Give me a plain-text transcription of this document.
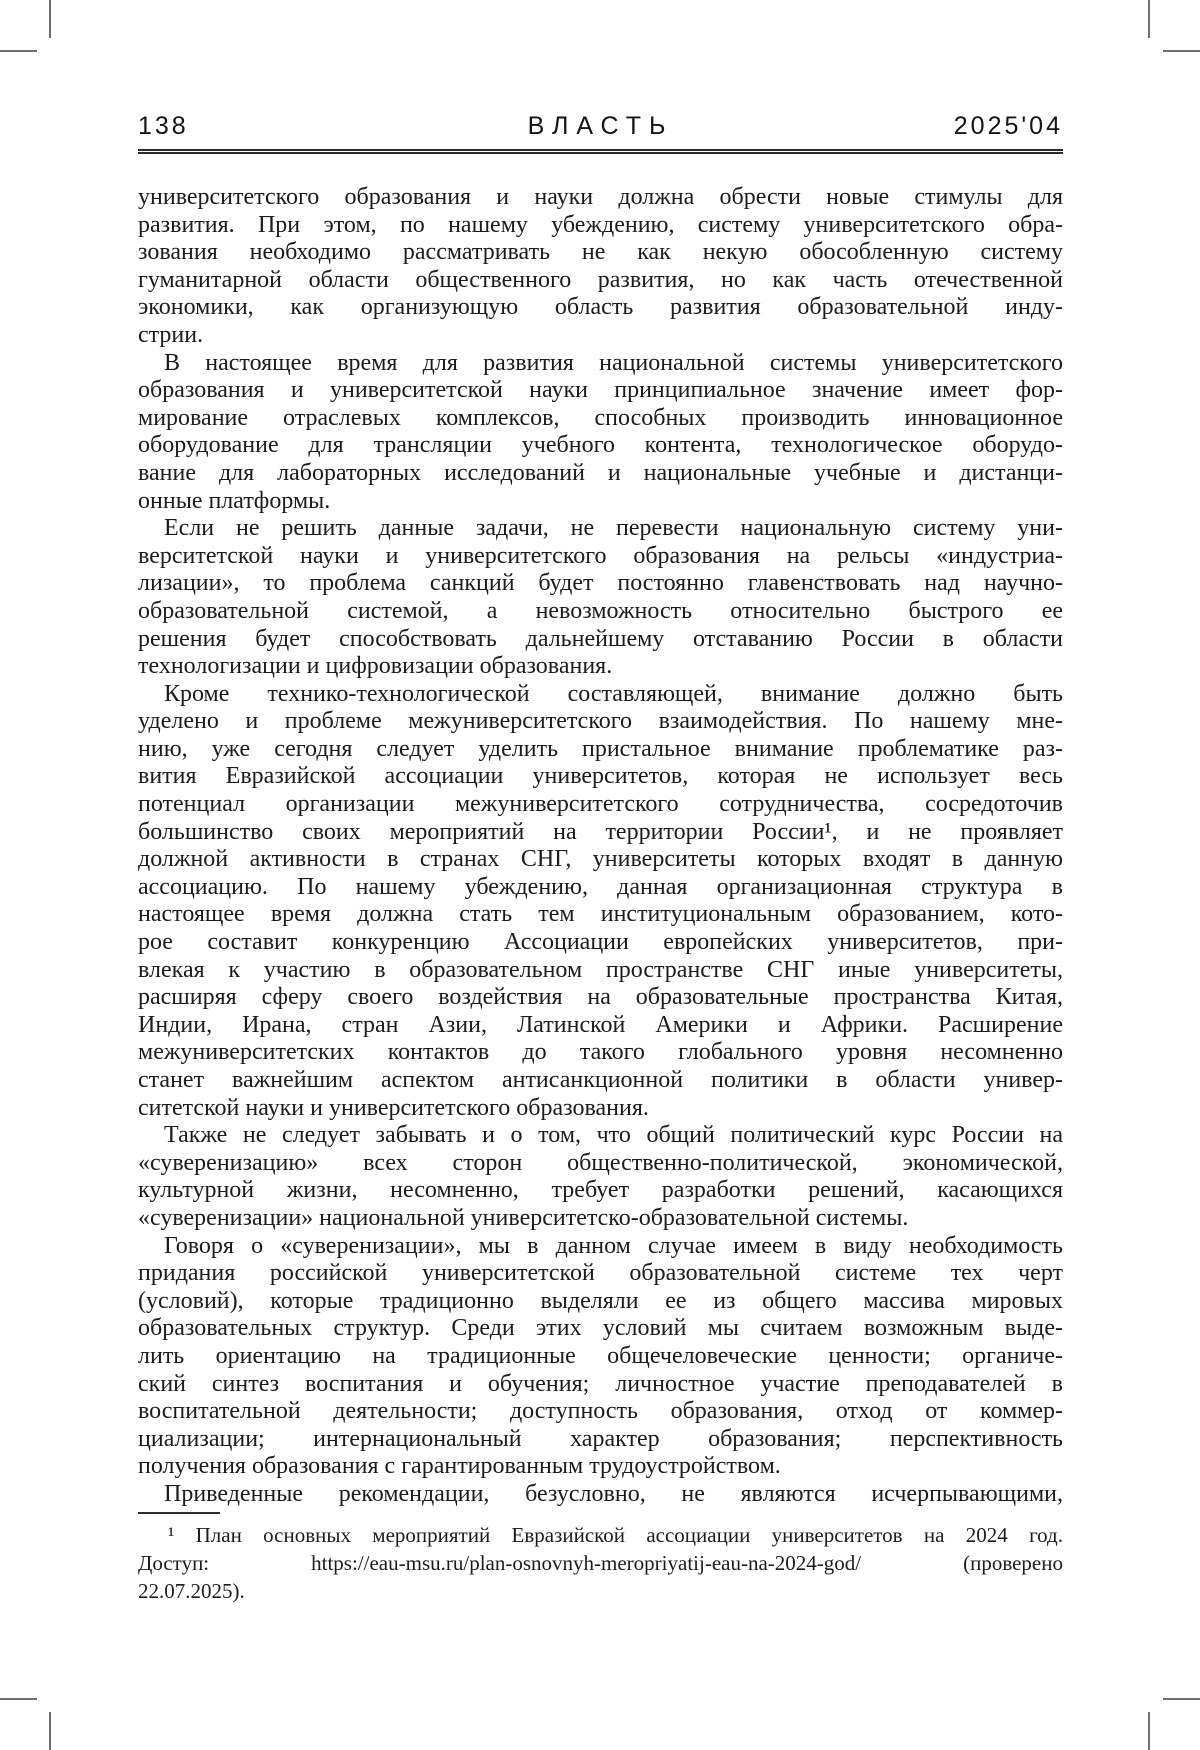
138	ВЛАСТЬ	2025'04
университетского образования и науки должна обрести новые стимулы для
развития. При этом, по нашему убеждению, систему университетского обра-
зования необходимо рассматривать не как некую обособленную систему
гуманитарной области общественного развития, но как часть отечественной
экономики, как организующую область развития образовательной инду-
стрии.
В настоящее время для развития национальной системы университетского
образования и университетской науки принципиальное значение имеет фор-
мирование отраслевых комплексов, способных производить инновационное
оборудование для трансляции учебного контента, технологическое оборудо-
вание для лабораторных исследований и национальные учебные и дистанци-
онные платформы.
Если не решить данные задачи, не перевести национальную систему уни-
верситетской науки и университетского образования на рельсы «индустриа-
лизации», то проблема санкций будет постоянно главенствовать над научно-
образовательной системой, а невозможность относительно быстрого ее
решения будет способствовать дальнейшему отставанию России в области
технологизации и цифровизации образования.
Кроме технико-технологической составляющей, внимание должно быть
уделено и проблеме межуниверситетского взаимодействия. По нашему мне-
нию, уже сегодня следует уделить пристальное внимание проблематике раз-
вития Евразийской ассоциации университетов, которая не использует весь
потенциал организации межуниверситетского сотрудничества, сосредоточив
большинство своих мероприятий на территории России¹, и не проявляет
должной активности в странах СНГ, университеты которых входят в данную
ассоциацию. По нашему убеждению, данная организационная структура в
настоящее время должна стать тем институциональным образованием, кото-
рое составит конкуренцию Ассоциации европейских университетов, при-
влекая к участию в образовательном пространстве СНГ иные университеты,
расширяя сферу своего воздействия на образовательные пространства Китая,
Индии, Ирана, стран Азии, Латинской Америки и Африки. Расширение
межуниверситетских контактов до такого глобального уровня несомненно
станет важнейшим аспектом антисанкционной политики в области универ-
ситетской науки и университетского образования.
Также не следует забывать и о том, что общий политический курс России на
«суверенизацию» всех сторон общественно-политической, экономической,
культурной жизни, несомненно, требует разработки решений, касающихся
«суверенизации» национальной университетско-образовательной системы.
Говоря о «суверенизации», мы в данном случае имеем в виду необходимость
придания российской университетской образовательной системе тех черт
(условий), которые традиционно выделяли ее из общего массива мировых
образовательных структур. Среди этих условий мы считаем возможным выде-
лить ориентацию на традиционные общечеловеческие ценности; органиче-
ский синтез воспитания и обучения; личностное участие преподавателей в
воспитательной деятельности; доступность образования, отход от коммер-
циализации; интернациональный характер образования; перспективность
получения образования с гарантированным трудоустройством.
Приведенные рекомендации, безусловно, не являются исчерпывающими,
¹ План основных мероприятий Евразийской ассоциации университетов на 2024 год.
Доступ: https://eau-msu.ru/plan-osnovnyh-meropriyatij-eau-na-2024-god/ (проверено
22.07.2025).
